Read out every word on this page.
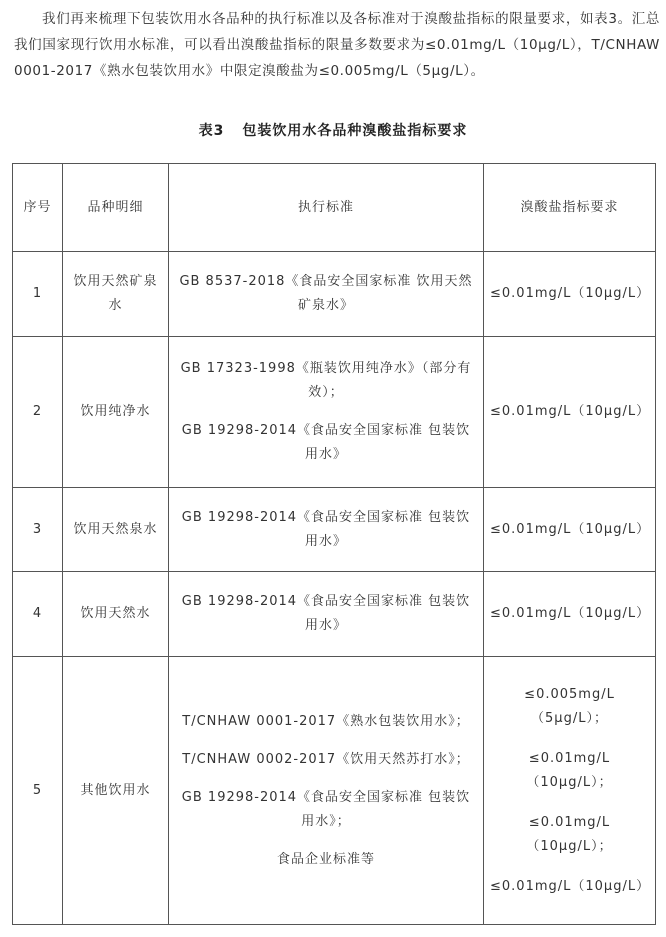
我们再来梳理下包装饮用水各品种的执行标准以及各标准对于溴酸盐指标的限量要求，如表3。汇总我们国家现行饮用水标准，可以看出溴酸盐指标的限量多数要求为≤0.01mg/L（10μg/L），T/CNHAW 0001-2017《熟水包装饮用水》中限定溴酸盐为≤0.005mg/L（5μg/L）。

表3 包装饮用水各品种溴酸盐指标要求
序号	品种明细	执行标准	溴酸盐指标要求
1	饮用天然矿泉水	GB 8537-2018《食品安全国家标准 饮用天然矿泉水》	≤0.01mg/L（10μg/L）

2	饮用纯净水	GB 17323-1998《瓶装饮用纯净水》（部分有效）；
GB 19298-2014《食品安全国家标准 包装饮用水》	≤0.01mg/L（10μg/L）

3	饮用天然泉水	GB 19298-2014《食品安全国家标准 包装饮用水》	≤0.01mg/L（10μg/L）

4	饮用天然水	GB 19298-2014《食品安全国家标准 包装饮用水》	≤0.01mg/L（10μg/L）

5	其他饮用水	T/CNHAW 0001-2017《熟水包装饮用水》；
T/CNHAW 0002-2017《饮用天然苏打水》；
GB 19298-2014《食品安全国家标准 包装饮用水》；
食品企业标准等	≤0.005mg/L（5μg/L）；
≤0.01mg/L（10μg/L）；
≤0.01mg/L（10μg/L）；
≤0.01mg/L（10μg/L）
